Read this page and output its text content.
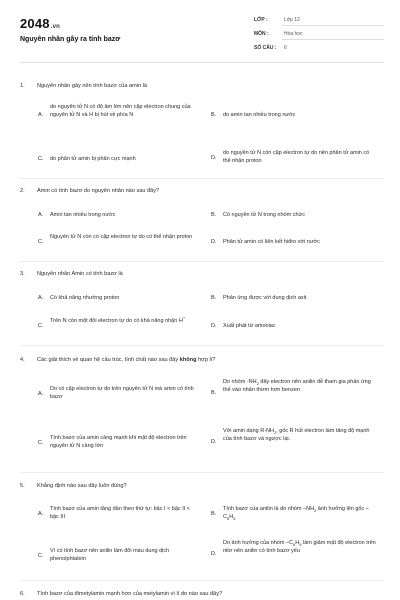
2048.vn
Nguyên nhân gây ra tính bazơ
LỚP :	Lớp 12
MÔN :	Hóa học
SỐ CÂU : 6
1. Nguyên nhân gây nên tính bazơ của amin là
A.
do nguyên tử N có độ âm lớn nên cặp electron chung của nguyên tử N và H bị hút về phía N	B. do amin tan nhiều trong nước
C. do phân tử amin bị phân cực mạnh	D.
do nguyên tử N còn cặp electron tự do nên phân tử amin có thể nhận proton
2. Amin có tính bazơ do nguyên nhân nào sau đây?
A. Amin tan nhiều trong nước	B. Có nguyên tử N trong nhóm chức
C.
Nguyên tử N còn có cặp electron tự do có thể nhận proton
D. Phân tử amin có liên kết hiđro với nước
3. Nguyên nhân Amin có tính bazơ là
A. Có khả năng nhường proton	B. Phản ứng được với dung dịch axit
C.
Trên N còn một đôi electron tự do có khả năng nhận H+
D. Xuất phát từ amoniac
4. Các giải thích về quan hệ cấu trúc, tính chất nào sau đây không hợp lí?
A.
Do có cặp electron tự do trên nguyên tử N mà amin có tính bazơ
B.
Do nhóm $-NH_2$ đẩy electron nên anilin dễ tham gia phản ứng thế vào nhân thơm hơn benzen
C.
Tính bazơ của amin càng mạnh khi mật độ electron trên nguyên tử N càng lớn
D.
Với amin dạng $R-NH_2$, gốc R hút electron làm tăng độ mạnh của tính bazơ và ngược lại.
5. Khẳng định nào sau đây luôn đúng?
A.
Tính bazơ của amin tăng dần theo thứ tự: bậc I < bậc II < bậc III	B.
Tính bazơ của anilin là do nhóm $-NH_2$ ảnh hưởng lên gốc $-C_6H_5$
C.
Vì có tính bazơ nên anilin làm đổi màu dung dịch phenolphtalein
D.
Do ảnh hưởng của nhóm $-C_6H_5$ làm giảm mật độ electron trên nitơ nên anilin có tính bazơ yếu
6. Tính bazơ của đimetylamin mạnh hơn của metylamin vì lí do nào sau đây?
